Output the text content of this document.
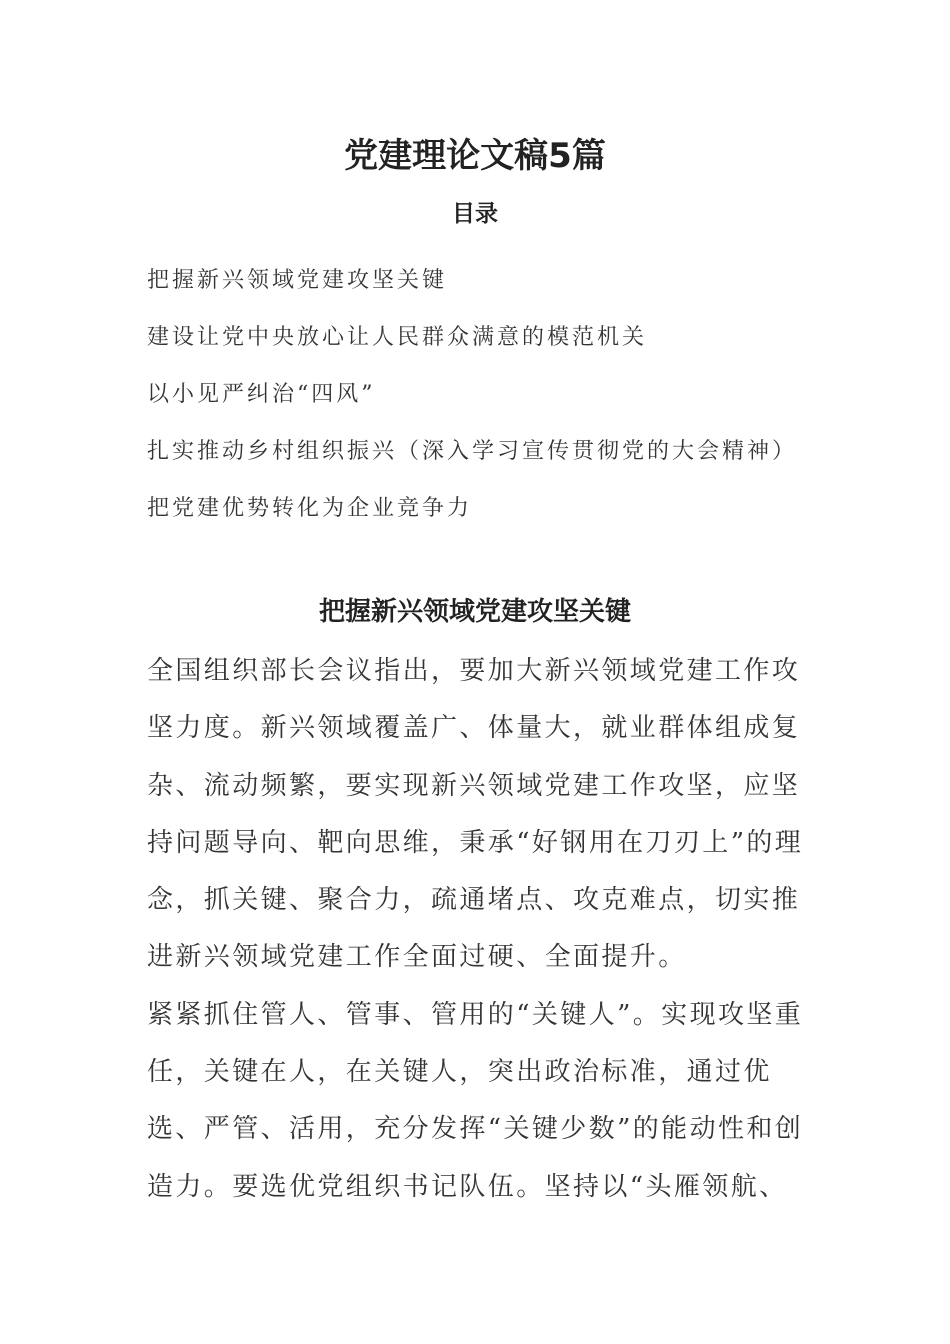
党建理论文稿5篇
目录
把握新兴领域党建攻坚关键
建设让党中央放心让人民群众满意的模范机关
以小见严纠治“四风”
扎实推动乡村组织振兴（深入学习宣传贯彻党的大会精神）
把党建优势转化为企业竞争力
把握新兴领域党建攻坚关键

全国组织部长会议指出，要加大新兴领域党建工作攻坚力度。新兴领域覆盖广、体量大，就业群体组成复杂、流动频繁，要实现新兴领域党建工作攻坚，应坚持问题导向、靶向思维，秉承“好钢用在刀刃上”的理念，抓关键、聚合力，疏通堵点、攻克难点，切实推进新兴领域党建工作全面过硬、全面提升。

紧紧抓住管人、管事、管用的“关键人”。实现攻坚重任，关键在人，在关键人，突出政治标准，通过优选、严管、活用，充分发挥“关键少数”的能动性和创造力。要选优党组织书记队伍。坚持以“头雁领航、
